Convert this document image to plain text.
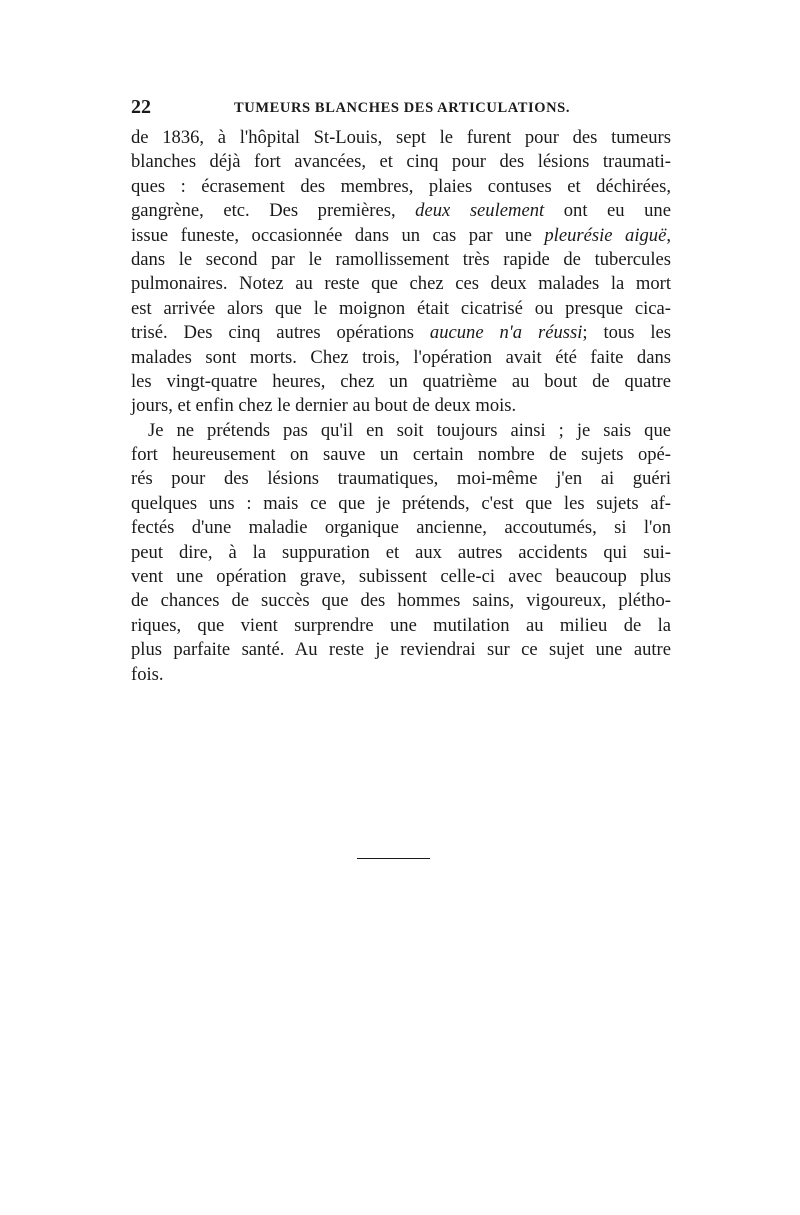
22	TUMEURS BLANCHES DES ARTICULATIONS.
de 1836, à l'hôpital St-Louis, sept le furent pour des tumeurs
blanches déjà fort avancées, et cinq pour des lésions traumati-
ques : écrasement des membres, plaies contuses et déchirées,
gangrène, etc. Des premières, deux seulement ont eu une
issue funeste, occasionnée dans un cas par une pleurésie aiguë,
dans le second par le ramollissement très rapide de tubercules
pulmonaires. Notez au reste que chez ces deux malades la mort
est arrivée alors que le moignon était cicatrisé ou presque cica-
trisé. Des cinq autres opérations aucune n'a réussi; tous les
malades sont morts. Chez trois, l'opération avait été faite dans
les vingt-quatre heures, chez un quatrième au bout de quatre
jours, et enfin chez le dernier au bout de deux mois.
Je ne prétends pas qu'il en soit toujours ainsi ; je sais que
fort heureusement on sauve un certain nombre de sujets opé-
rés pour des lésions traumatiques, moi-même j'en ai guéri
quelques uns : mais ce que je prétends, c'est que les sujets af-
fectés d'une maladie organique ancienne, accoutumés, si l'on
peut dire, à la suppuration et aux autres accidents qui sui-
vent une opération grave, subissent celle-ci avec beaucoup plus
de chances de succès que des hommes sains, vigoureux, plétho-
riques, que vient surprendre une mutilation au milieu de la
plus parfaite santé. Au reste je reviendrai sur ce sujet une autre
fois.
